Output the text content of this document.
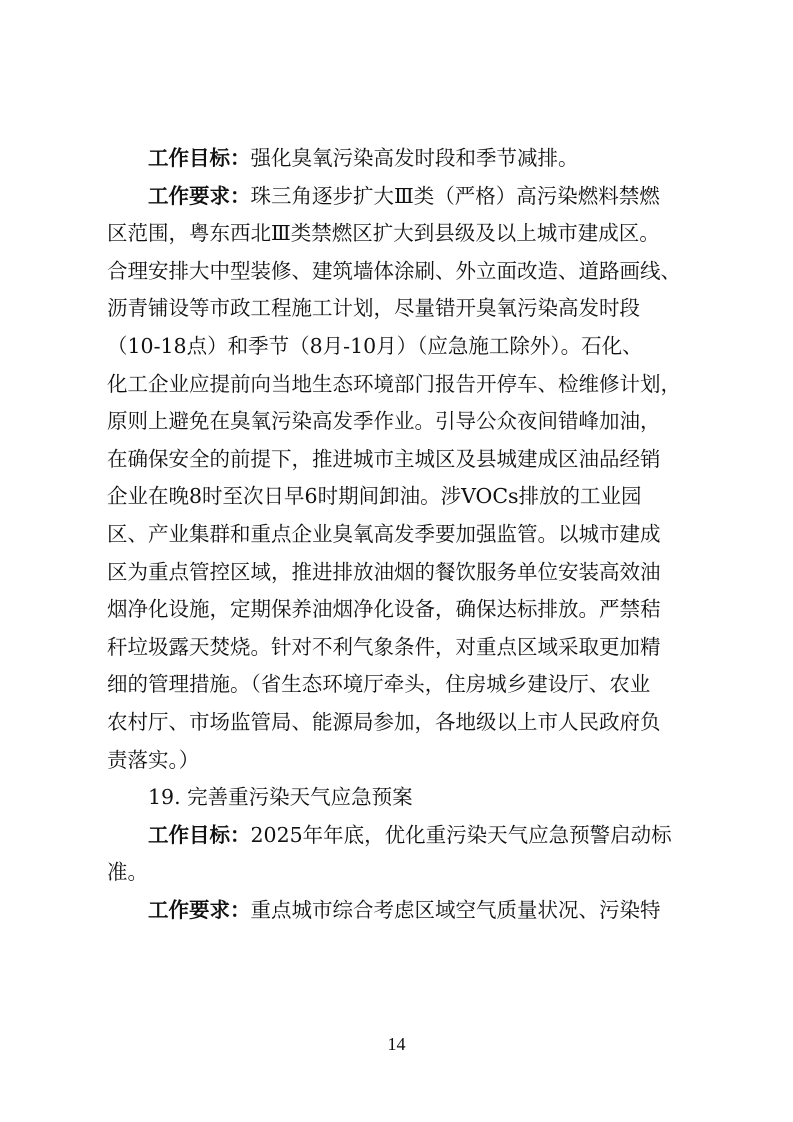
工作目标：强化臭氧污染高发时段和季节减排。
工作要求：珠三角逐步扩大Ⅲ类（严格）高污染燃料禁燃
区范围，粤东西北Ⅲ类禁燃区扩大到县级及以上城市建成区。
合理安排大中型装修、建筑墙体涂刷、外立面改造、道路画线、
沥青铺设等市政工程施工计划，尽量错开臭氧污染高发时段
（10-18点）和季节（8月-10月）（应急施工除外）。石化、
化工企业应提前向当地生态环境部门报告开停车、检维修计划，
原则上避免在臭氧污染高发季作业。引导公众夜间错峰加油，
在确保安全的前提下，推进城市主城区及县城建成区油品经销
企业在晚8时至次日早6时期间卸油。涉VOCs排放的工业园
区、产业集群和重点企业臭氧高发季要加强监管。以城市建成
区为重点管控区域，推进排放油烟的餐饮服务单位安装高效油
烟净化设施，定期保养油烟净化设备，确保达标排放。严禁秸
秆垃圾露天焚烧。针对不利气象条件，对重点区域采取更加精
细的管理措施。（省生态环境厅牵头，住房城乡建设厅、农业
农村厅、市场监管局、能源局参加，各地级以上市人民政府负
责落实。）
19. 完善重污染天气应急预案
工作目标：2025年年底，优化重污染天气应急预警启动标
准。
工作要求：重点城市综合考虑区域空气质量状况、污染特
14
